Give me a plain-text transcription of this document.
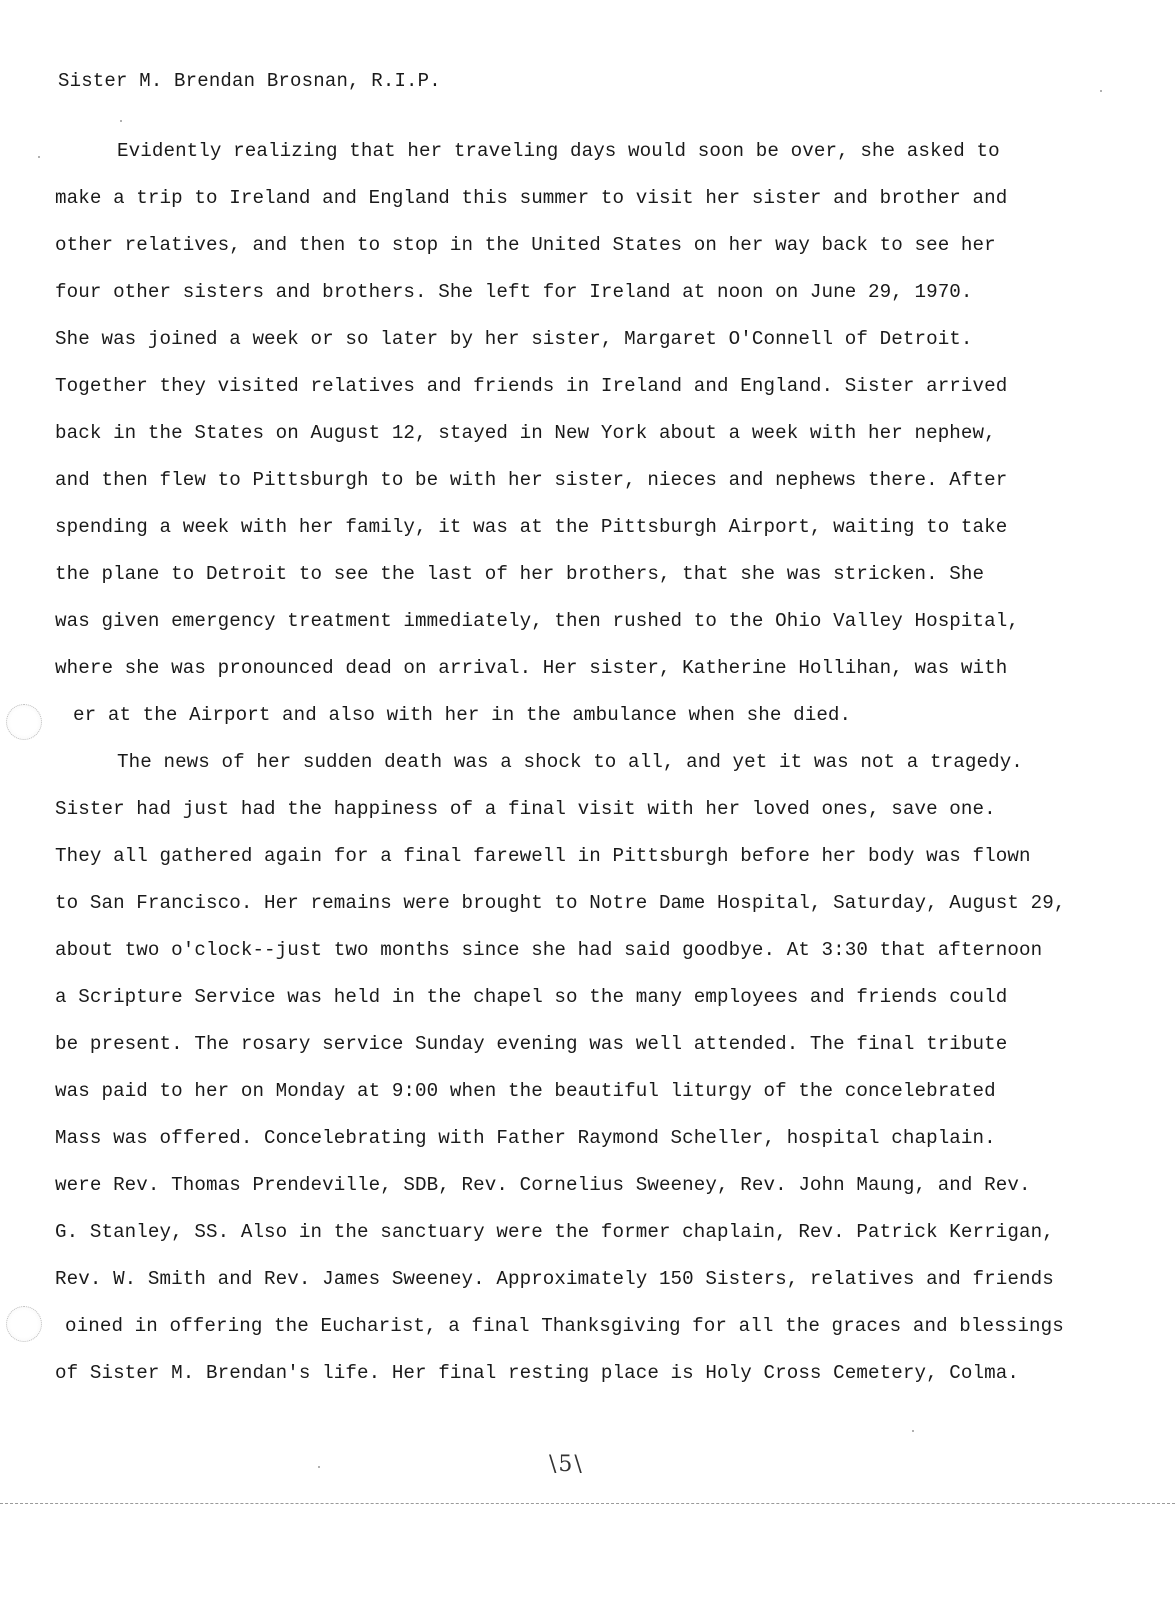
Sister M. Brendan Brosnan, R.I.P.
Evidently realizing that her traveling days would soon be over, she asked to
make a trip to Ireland and England this summer to visit her sister and brother and
other relatives, and then to stop in the United States on her way back to see her
four other sisters and brothers. She left for Ireland at noon on June 29, 1970.
She was joined a week or so later by her sister, Margaret O'Connell of Detroit.
Together they visited relatives and friends in Ireland and England. Sister arrived
back in the States on August 12, stayed in New York about a week with her nephew,
and then flew to Pittsburgh to be with her sister, nieces and nephews there. After
spending a week with her family, it was at the Pittsburgh Airport, waiting to take
the plane to Detroit to see the last of her brothers, that she was stricken. She
was given emergency treatment immediately, then rushed to the Ohio Valley Hospital,
where she was pronounced dead on arrival. Her sister, Katherine Hollihan, was with
er at the Airport and also with her in the ambulance when she died.
The news of her sudden death was a shock to all, and yet it was not a tragedy.
Sister had just had the happiness of a final visit with her loved ones, save one.
They all gathered again for a final farewell in Pittsburgh before her body was flown
to San Francisco. Her remains were brought to Notre Dame Hospital, Saturday, August 29,
about two o'clock--just two months since she had said goodbye. At 3:30 that afternoon
a Scripture Service was held in the chapel so the many employees and friends could
be present. The rosary service Sunday evening was well attended. The final tribute
was paid to her on Monday at 9:00 when the beautiful liturgy of the concelebrated
Mass was offered. Concelebrating with Father Raymond Scheller, hospital chaplain.
were Rev. Thomas Prendeville, SDB, Rev. Cornelius Sweeney, Rev. John Maung, and Rev.
G. Stanley, SS. Also in the sanctuary were the former chaplain, Rev. Patrick Kerrigan,
Rev. W. Smith and Rev. James Sweeney. Approximately 150 Sisters, relatives and friends
oined in offering the Eucharist, a final Thanksgiving for all the graces and blessings
of Sister M. Brendan's life. Her final resting place is Holy Cross Cemetery, Colma.
\5\
